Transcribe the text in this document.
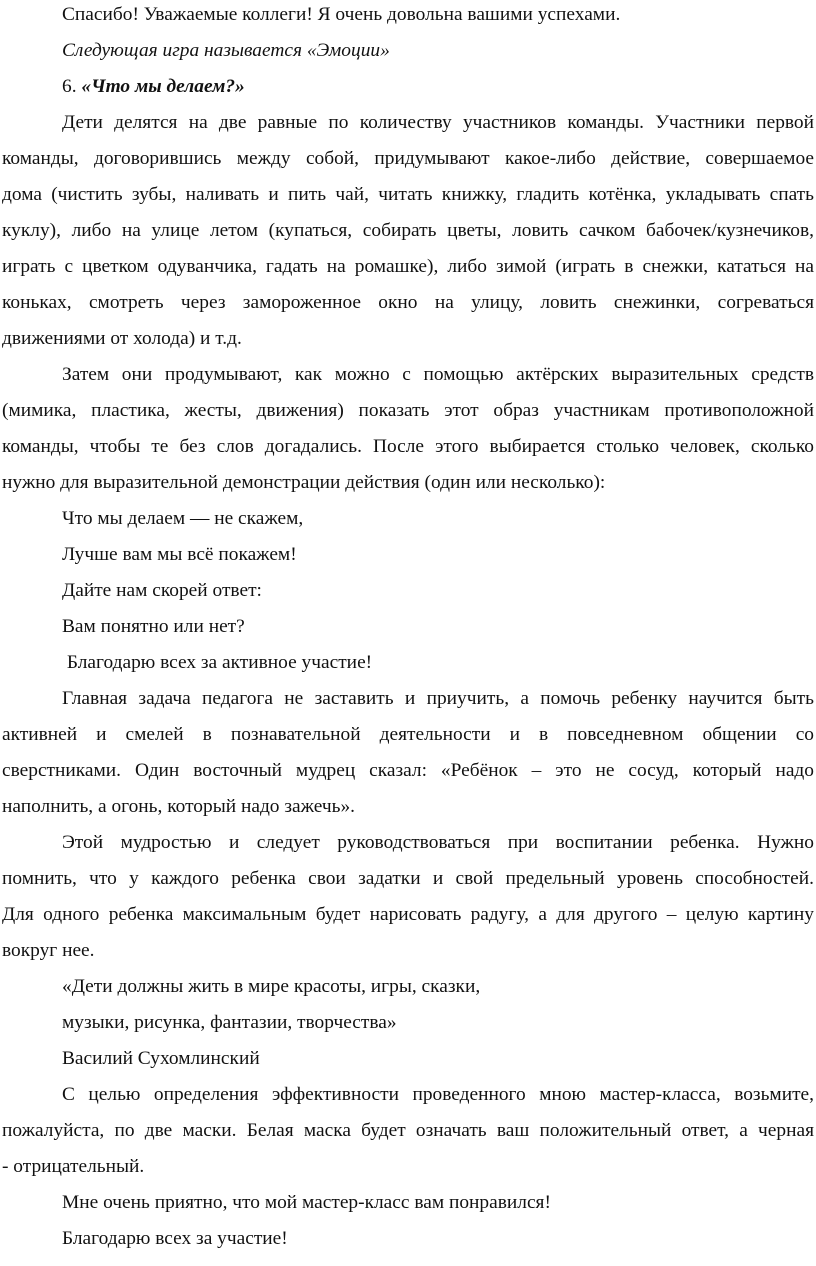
Спасибо! Уважаемые коллеги! Я очень довольна вашими успехами.
Следующая игра называется «Эмоции»
6. «Что мы делаем?»
Дети делятся на две равные по количеству участников команды. Участники первой
команды, договорившись между собой, придумывают какое-либо действие, совершаемое
дома (чистить зубы, наливать и пить чай, читать книжку, гладить котёнка, укладывать спать
куклу), либо на улице летом (купаться, собирать цветы, ловить сачком бабочек/кузнечиков,
играть с цветком одуванчика, гадать на ромашке), либо зимой (играть в снежки, кататься на
коньках, смотреть через замороженное окно на улицу, ловить снежинки, согреваться
движениями от холода) и т.д.
Затем они продумывают, как можно с помощью актёрских выразительных средств
(мимика, пластика, жесты, движения) показать этот образ участникам противоположной
команды, чтобы те без слов догадались. После этого выбирается столько человек, сколько
нужно для выразительной демонстрации действия (один или несколько):
Что мы делаем — не скажем,
Лучше вам мы всё покажем!
Дайте нам скорей ответ:
Вам понятно или нет?
Благодарю всех за активное участие!
Главная задача педагога не заставить и приучить, а помочь ребенку научится быть
активней и смелей в познавательной деятельности и в повседневном общении со
сверстниками. Один восточный мудрец сказал: «Ребёнок – это не сосуд, который надо
наполнить, а огонь, который надо зажечь».
Этой мудростью и следует руководствоваться при воспитании ребенка. Нужно
помнить, что у каждого ребенка свои задатки и свой предельный уровень способностей.
Для одного ребенка максимальным будет нарисовать радугу, а для другого – целую картину
вокруг нее.
«Дети должны жить в мире красоты, игры, сказки,
музыки, рисунка, фантазии, творчества»
Василий Сухомлинский
С целью определения эффективности проведенного мною мастер-класса, возьмите,
пожалуйста, по две маски. Белая маска будет означать ваш положительный ответ, а черная
- отрицательный.
Мне очень приятно, что мой мастер-класс вам понравился!
Благодарю всех за участие!
